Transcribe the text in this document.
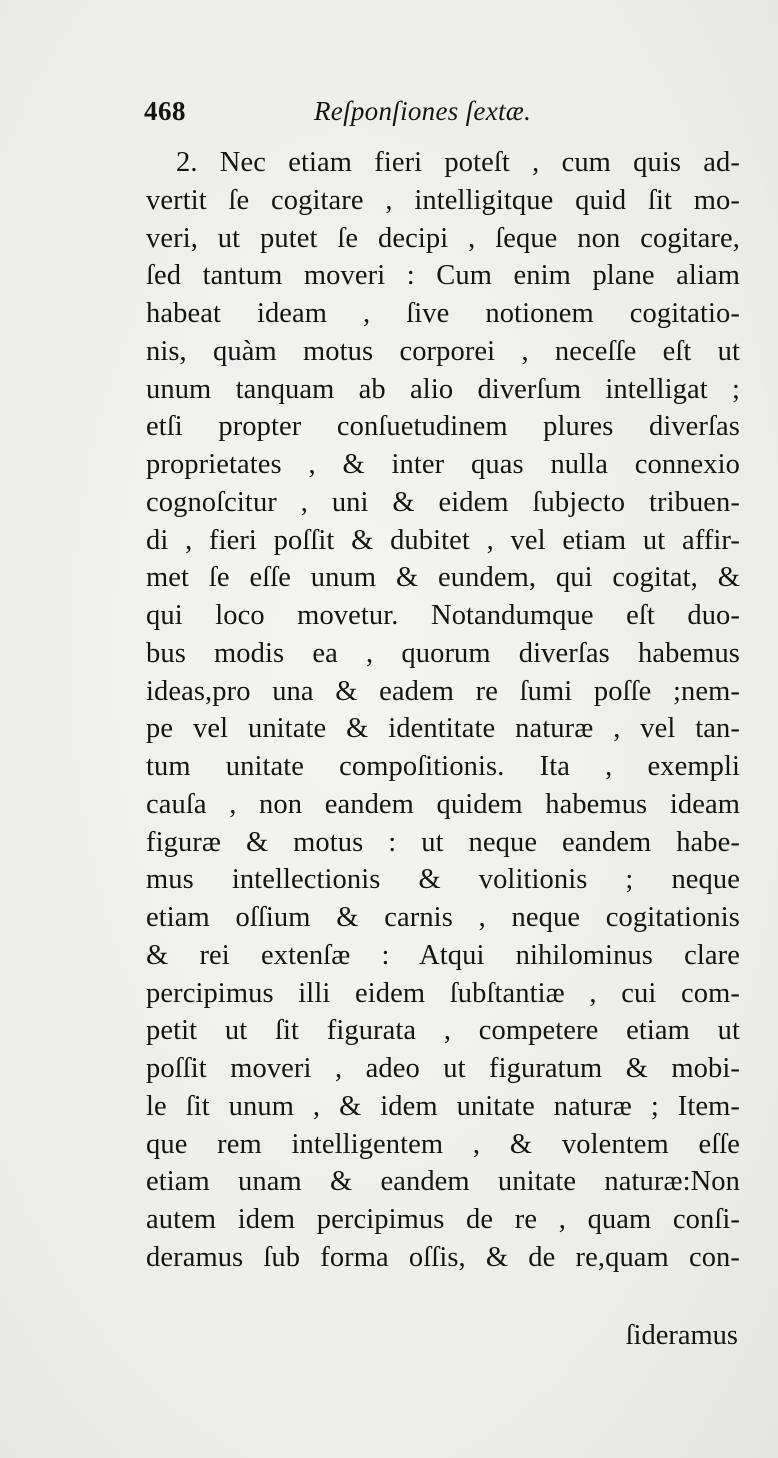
468	Reſponſiones ſextæ.
2. Nec etiam fieri poteſt , cum quis ad-
vertit ſe cogitare , intelligitque quid ſit mo-
veri, ut putet ſe decipi , ſeque non cogitare,
ſed tantum moveri : Cum enim plane aliam
habeat ideam , ſive notionem cogitatio-
nis, quàm motus corporei , neceſſe eſt ut
unum tanquam ab alio diverſum intelligat ;
etſi propter conſuetudinem plures diverſas
proprietates , & inter quas nulla connexio
cognoſcitur , uni & eidem ſubjecto tribuen-
di , fieri poſſit & dubitet , vel etiam ut affir-
met ſe eſſe unum & eundem, qui cogitat, &
qui loco movetur. Notandumque eſt duo-
bus modis ea , quorum diverſas habemus
ideas,pro una & eadem re ſumi poſſe ;nem-
pe vel unitate & identitate naturæ , vel tan-
tum unitate compoſitionis. Ita , exempli
cauſa , non eandem quidem habemus ideam
figuræ & motus : ut neque eandem habe-
mus intellectionis & volitionis ; neque
etiam oſſium & carnis , neque cogitationis
& rei extenſæ : Atqui nihilominus clare
percipimus illi eidem ſubſtantiæ , cui com-
petit ut ſit figurata , competere etiam ut
poſſit moveri , adeo ut figuratum & mobi-
le ſit unum , & idem unitate naturæ ; Item-
que rem intelligentem , & volentem eſſe
etiam unam & eandem unitate naturæ:Non
autem idem percipimus de re , quam conſi-
deramus ſub forma oſſis, & de re,quam con-
ſideramus
